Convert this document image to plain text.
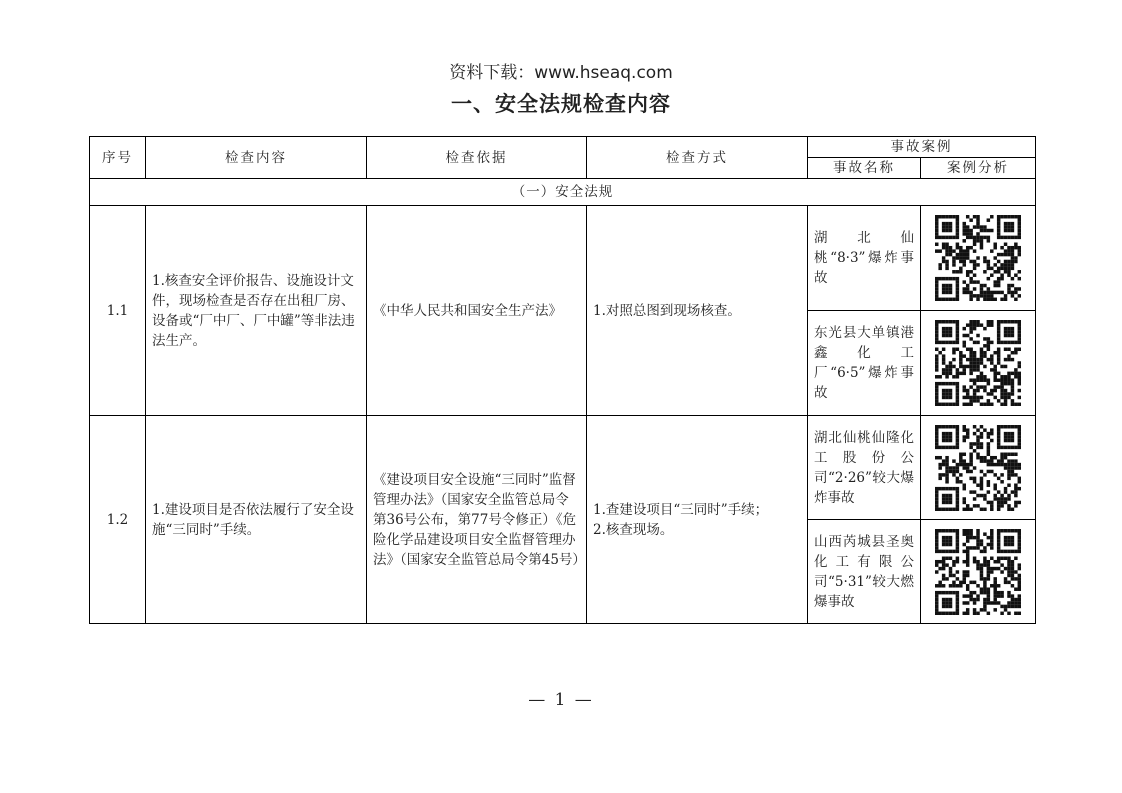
资料下载：www.hseaq.com
一、安全法规检查内容
序号	检查内容	检查依据	检查方式	事故案例	
				事故名称	案例分析
（一）安全法规					
1.1	1.核查安全评价报告、设施设计文件，现场检查是否存在出租厂房、设备或“厂中厂、厂中罐”等非法违法生产。	《中华人民共和国安全生产法》	1.对照总图到现场核查。	湖北仙桃“8·3”爆炸事故	

				东光县大单镇港鑫化工厂“6·5”爆炸事故	

1.2	1.建设项目是否依法履行了安全设施“三同时”手续。	《建设项目安全设施“三同时”监督管理办法》（国家安全监管总局令第36号公布，第77号令修正）《危险化学品建设项目安全监督管理办法》（国家安全监管总局令第45号）	1.查建设项目“三同时”手续；
2.核查现场。	湖北仙桃仙隆化工股份公司“2·26”较大爆炸事故	

				山西芮城县圣奥化工有限公司“5·31”较大燃爆事故	
— 1 —
